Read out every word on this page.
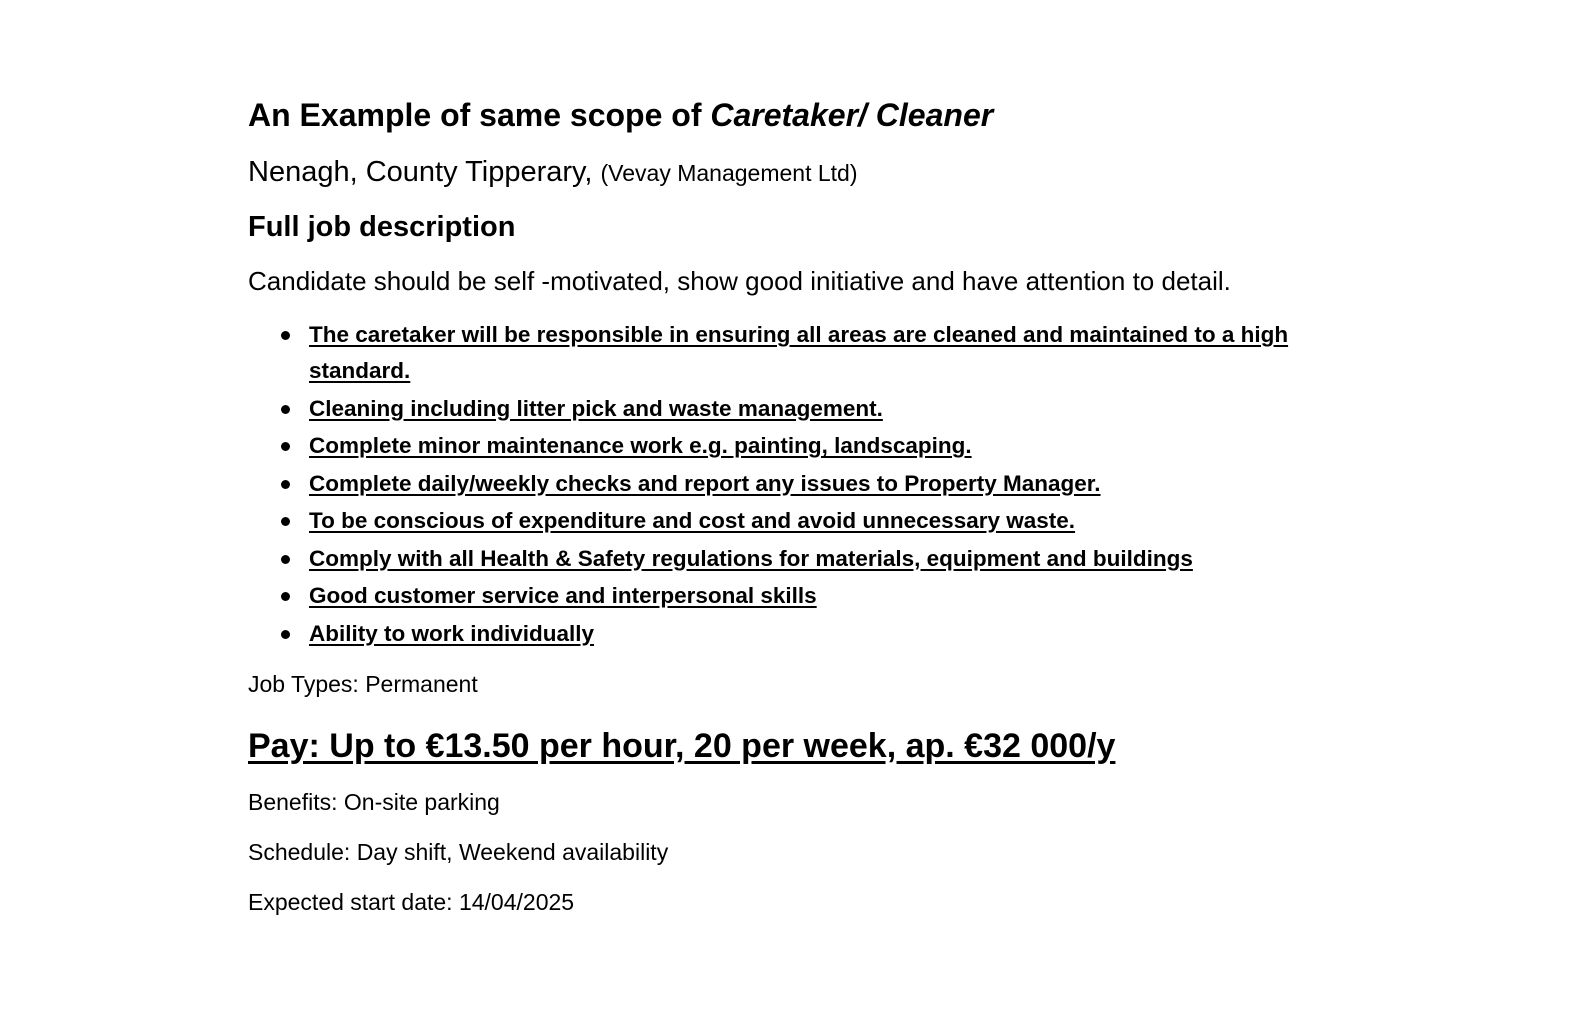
An Example of same scope of Caretaker/ Cleaner
Nenagh, County Tipperary, (Vevay Management Ltd)
Full job description
Candidate should be self -motivated, show good initiative and have attention to detail.
The caretaker will be responsible in ensuring all areas are cleaned and maintained to a high standard.
Cleaning including litter pick and waste management.
Complete minor maintenance work e.g. painting, landscaping.
Complete daily/weekly checks and report any issues to Property Manager.
To be conscious of expenditure and cost and avoid unnecessary waste.
Comply with all Health & Safety regulations for materials, equipment and buildings
Good customer service and interpersonal skills
Ability to work individually
Job Types: Permanent
Pay: Up to €13.50 per hour, 20 per week, ap. €32 000/y
Benefits: On-site parking
Schedule: Day shift, Weekend availability
Expected start date: 14/04/2025
